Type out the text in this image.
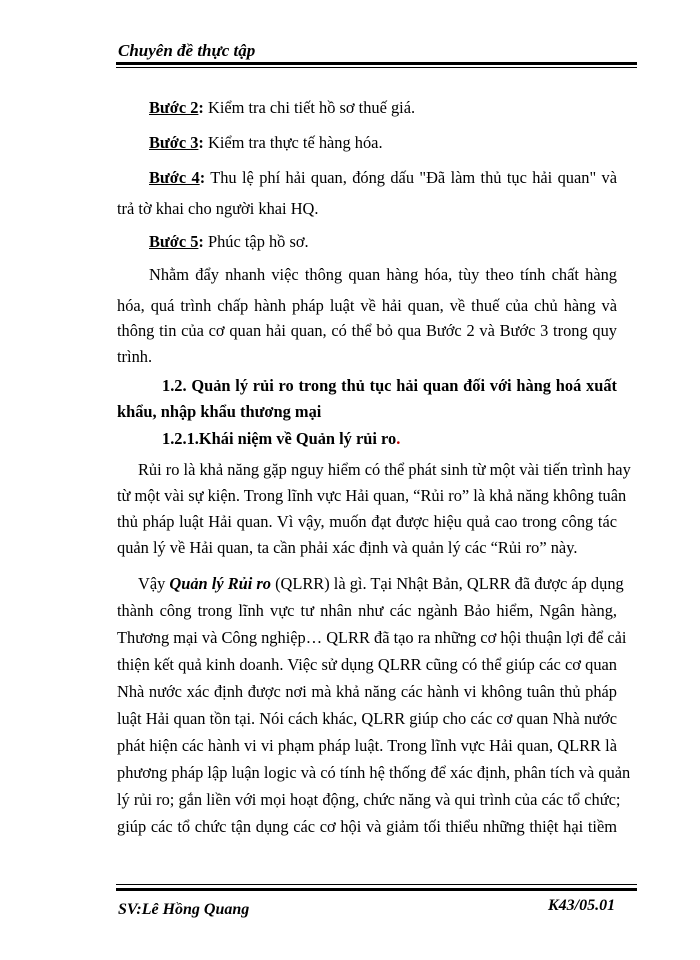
Chuyên đề thực tập
Bước 2: Kiểm tra chi tiết hồ sơ thuế giá.
Bước 3: Kiểm tra thực tế hàng hóa.
Bước 4: Thu lệ phí hải quan, đóng dấu "Đã làm thủ tục hải quan" và
trả tờ khai cho người khai HQ.
Bước 5: Phúc tập hồ sơ.
Nhằm đẩy nhanh việc thông quan hàng hóa, tùy theo tính chất hàng
hóa, quá trình chấp hành pháp luật về hải quan, về thuế của chủ hàng và
thông tin của cơ quan hải quan, có thể bỏ qua Bước 2 và Bước 3 trong quy
trình.
1.2. Quản lý rủi ro trong thủ tục hải quan đối với hàng hoá xuất
khẩu, nhập khẩu thương mại
1.2.1.Khái niệm về Quản lý rủi ro.
Rủi ro là khả năng gặp nguy hiểm có thể phát sinh từ một vài tiến trình hay
từ một vài sự kiện. Trong lĩnh vực Hải quan, “Rủi ro” là khả năng không tuân
thủ pháp luật Hải quan. Vì vậy, muốn đạt được hiệu quả cao trong công tác
quản lý về Hải quan, ta cần phải xác định và quản lý các “Rủi ro” này.
Vậy Quản lý Rủi ro (QLRR) là gì. Tại Nhật Bản, QLRR đã được áp dụng
thành công trong lĩnh vực tư nhân như các ngành Bảo hiểm, Ngân hàng,
Thương mại và Công nghiệp… QLRR đã tạo ra những cơ hội thuận lợi để cải
thiện kết quả kinh doanh. Việc sử dụng QLRR cũng có thể giúp các cơ quan
Nhà nước xác định được nơi mà khả năng các hành vi không tuân thủ pháp
luật Hải quan tồn tại. Nói cách khác, QLRR giúp cho các cơ quan Nhà nước
phát hiện các hành vi vi phạm pháp luật. Trong lĩnh vực Hải quan, QLRR là
phương pháp lập luận logic và có tính hệ thống để xác định, phân tích và quản
lý rủi ro; gắn liền với mọi hoạt động, chức năng và qui trình của các tổ chức;
giúp các tổ chức tận dụng các cơ hội và giảm tối thiểu những thiệt hại tiềm
SV:Lê Hồng Quang	K43/05.01
